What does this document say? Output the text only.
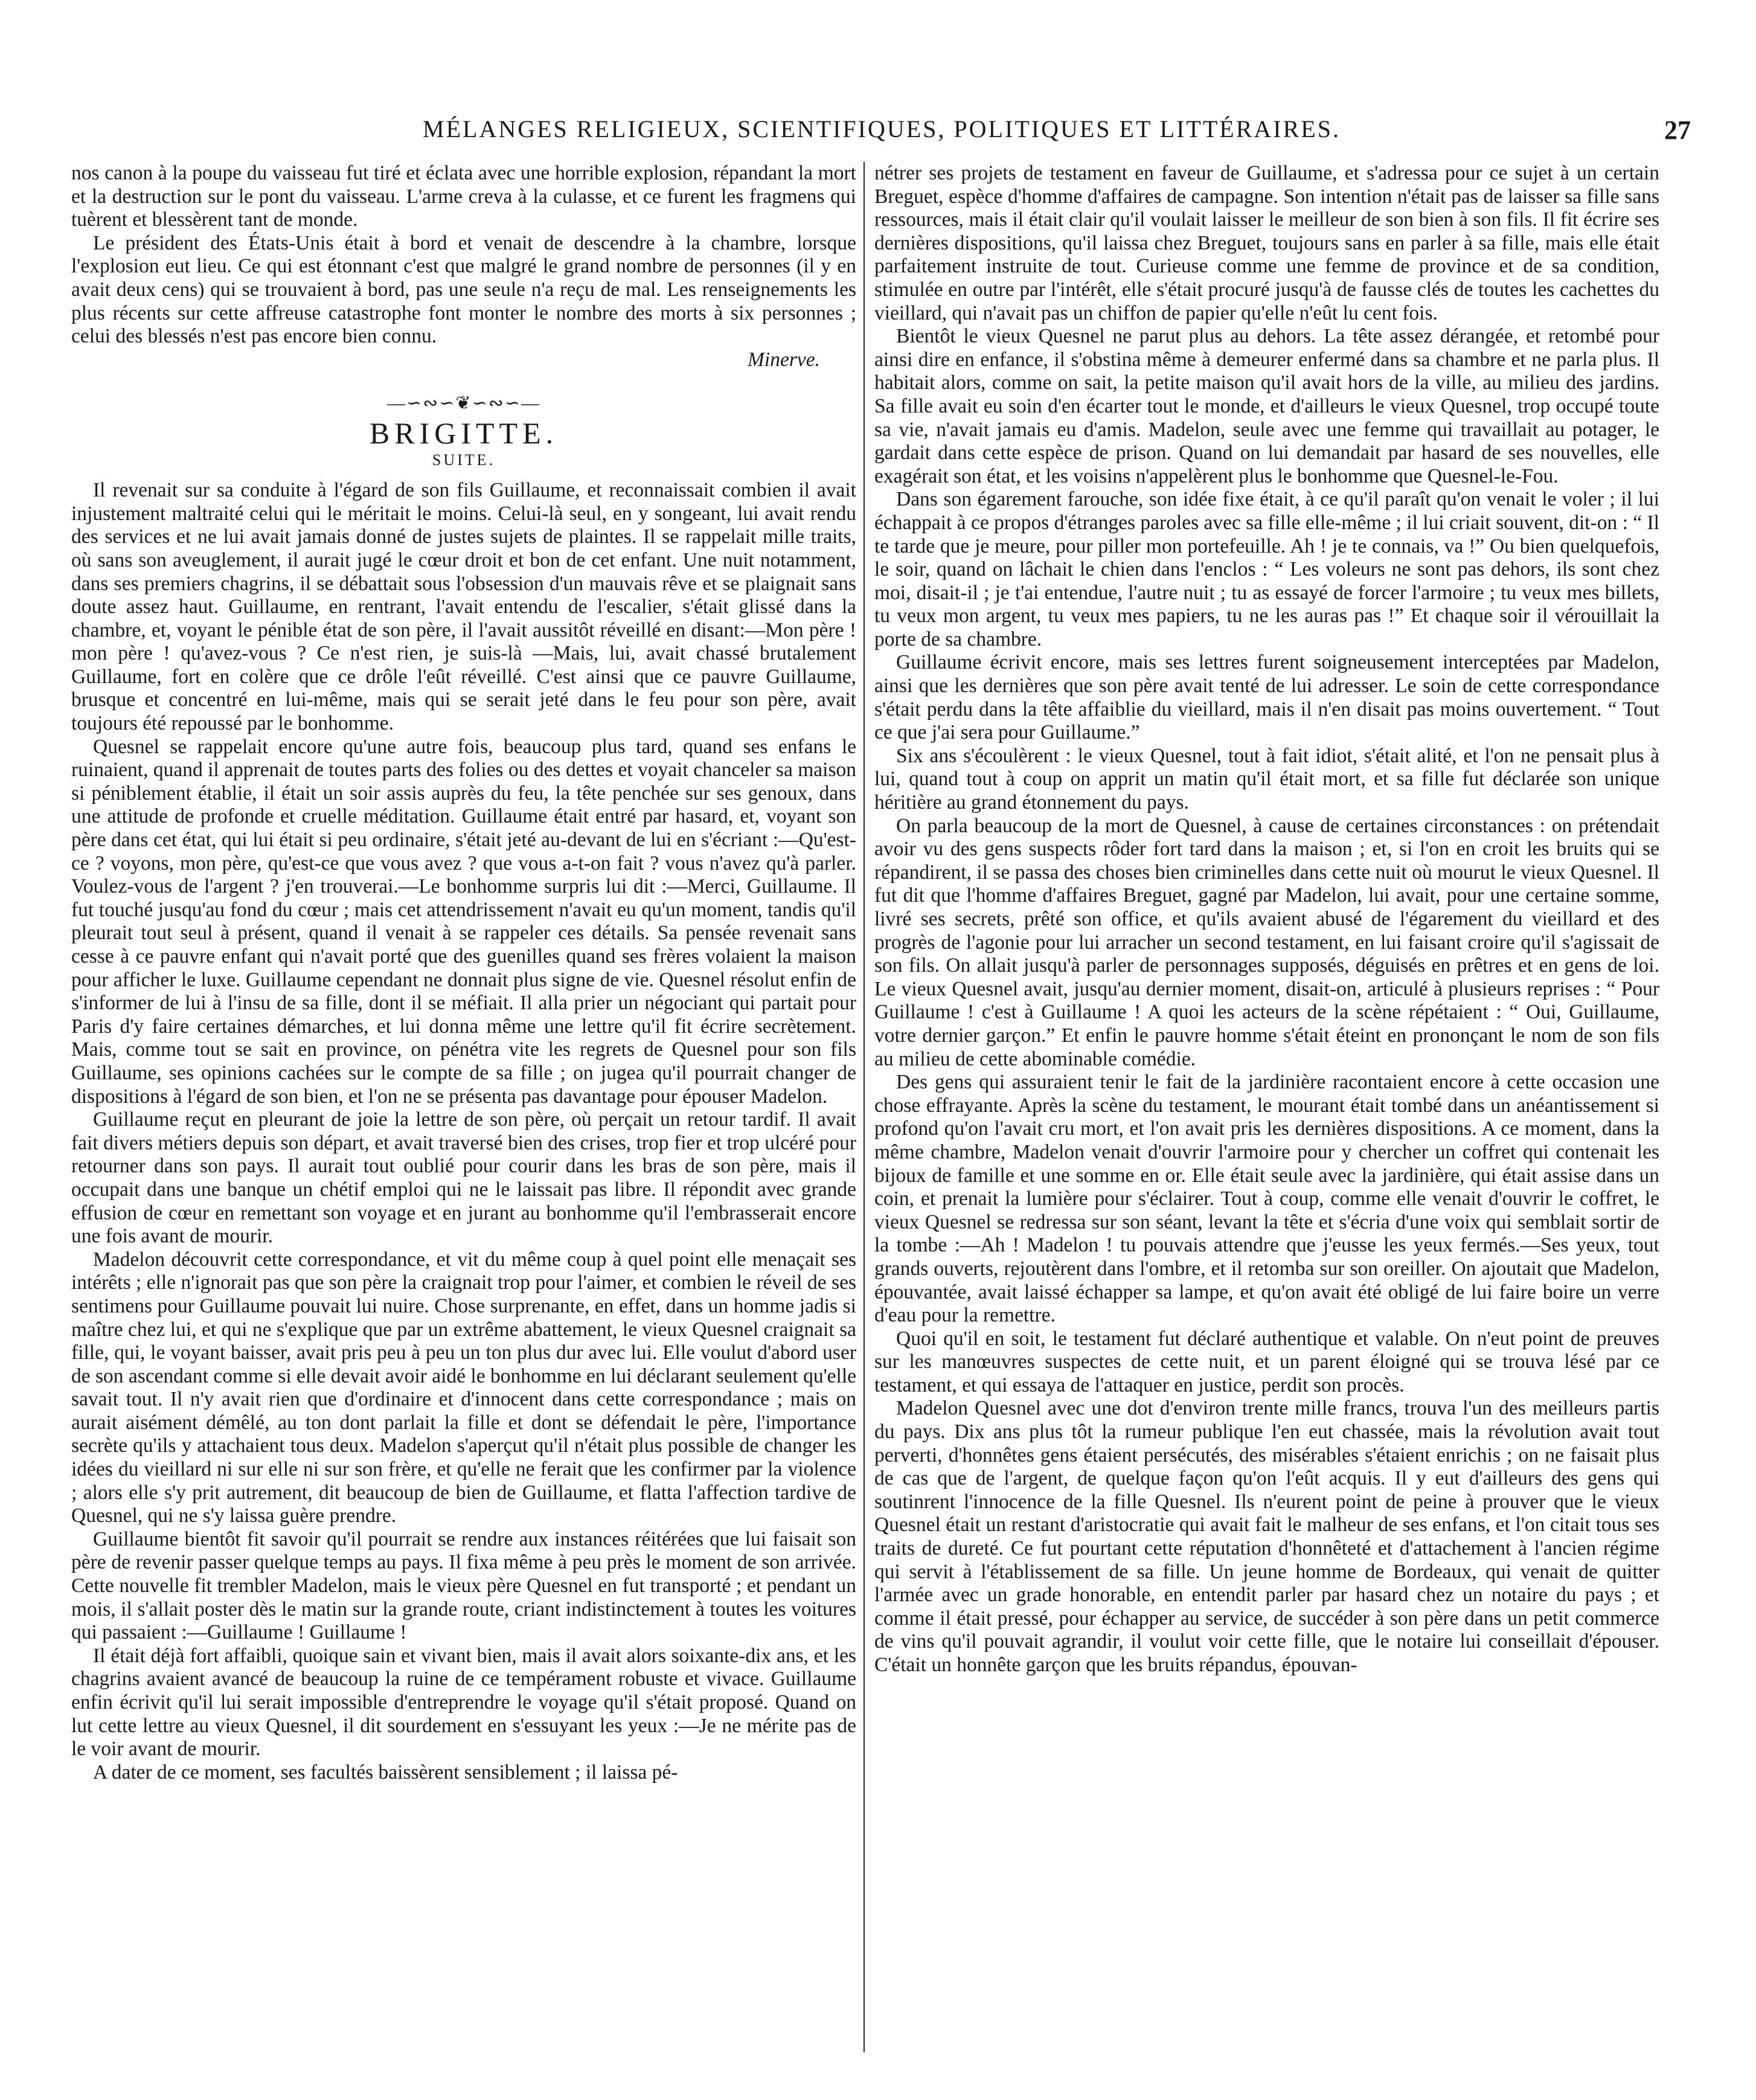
MÉLANGES RELIGIEUX, SCIENTIFIQUES, POLITIQUES ET LITTÉRAIRES.	27

nos canon à la poupe du vaisseau fut tiré et éclata avec une horrible explosion, répandant la mort et la destruction sur le pont du vaisseau. L'arme creva à la culasse, et ce furent les fragmens qui tuèrent et blessèrent tant de monde.

Le président des États-Unis était à bord et venait de descendre à la chambre, lorsque l'explosion eut lieu. Ce qui est étonnant c'est que malgré le grand nombre de personnes (il y en avait deux cens) qui se trouvaient à bord, pas une seule n'a reçu de mal. Les renseignements les plus récents sur cette affreuse catastrophe font monter le nombre des morts à six personnes ; celui des blessés n'est pas encore bien connu.

Minerve.
—∽∾∽❦∽∾∽—
BRIGITTE.
SUITE.

Il revenait sur sa conduite à l'égard de son fils Guillaume, et reconnaissait combien il avait injustement maltraité celui qui le méritait le moins. Celui-là seul, en y songeant, lui avait rendu des services et ne lui avait jamais donné de justes sujets de plaintes. Il se rappelait mille traits, où sans son aveuglement, il aurait jugé le cœur droit et bon de cet enfant. Une nuit notamment, dans ses premiers chagrins, il se débattait sous l'obsession d'un mauvais rêve et se plaignait sans doute assez haut. Guillaume, en rentrant, l'avait entendu de l'escalier, s'était glissé dans la chambre, et, voyant le pénible état de son père, il l'avait aussitôt réveillé en disant:—Mon père ! mon père ! qu'avez-vous ? Ce n'est rien, je suis-là —Mais, lui, avait chassé brutalement Guillaume, fort en colère que ce drôle l'eût réveillé. C'est ainsi que ce pauvre Guillaume, brusque et concentré en lui-même, mais qui se serait jeté dans le feu pour son père, avait toujours été repoussé par le bonhomme.

Quesnel se rappelait encore qu'une autre fois, beaucoup plus tard, quand ses enfans le ruinaient, quand il apprenait de toutes parts des folies ou des dettes et voyait chanceler sa maison si péniblement établie, il était un soir assis auprès du feu, la tête penchée sur ses genoux, dans une attitude de profonde et cruelle méditation. Guillaume était entré par hasard, et, voyant son père dans cet état, qui lui était si peu ordinaire, s'était jeté au-devant de lui en s'écriant :—Qu'est-ce ? voyons, mon père, qu'est-ce que vous avez ? que vous a-t-on fait ? vous n'avez qu'à parler. Voulez-vous de l'argent ? j'en trouverai.—Le bonhomme surpris lui dit :—Merci, Guillaume. Il fut touché jusqu'au fond du cœur ; mais cet attendrissement n'avait eu qu'un moment, tandis qu'il pleurait tout seul à présent, quand il venait à se rappeler ces détails. Sa pensée revenait sans cesse à ce pauvre enfant qui n'avait porté que des guenilles quand ses frères volaient la maison pour afficher le luxe. Guillaume cependant ne donnait plus signe de vie. Quesnel résolut enfin de s'informer de lui à l'insu de sa fille, dont il se méfiait. Il alla prier un négociant qui partait pour Paris d'y faire certaines démarches, et lui donna même une lettre qu'il fit écrire secrètement. Mais, comme tout se sait en province, on pénétra vite les regrets de Quesnel pour son fils Guillaume, ses opinions cachées sur le compte de sa fille ; on jugea qu'il pourrait changer de dispositions à l'égard de son bien, et l'on ne se présenta pas davantage pour épouser Madelon.

Guillaume reçut en pleurant de joie la lettre de son père, où perçait un retour tardif. Il avait fait divers métiers depuis son départ, et avait traversé bien des crises, trop fier et trop ulcéré pour retourner dans son pays. Il aurait tout oublié pour courir dans les bras de son père, mais il occupait dans une banque un chétif emploi qui ne le laissait pas libre. Il répondit avec grande effusion de cœur en remettant son voyage et en jurant au bonhomme qu'il l'embrasserait encore une fois avant de mourir.

Madelon découvrit cette correspondance, et vit du même coup à quel point elle menaçait ses intérêts ; elle n'ignorait pas que son père la craignait trop pour l'aimer, et combien le réveil de ses sentimens pour Guillaume pouvait lui nuire. Chose surprenante, en effet, dans un homme jadis si maître chez lui, et qui ne s'explique que par un extrême abattement, le vieux Quesnel craignait sa fille, qui, le voyant baisser, avait pris peu à peu un ton plus dur avec lui. Elle voulut d'abord user de son ascendant comme si elle devait avoir aidé le bonhomme en lui déclarant seulement qu'elle savait tout. Il n'y avait rien que d'ordinaire et d'innocent dans cette correspondance ; mais on aurait aisément démêlé, au ton dont parlait la fille et dont se défendait le père, l'importance secrète qu'ils y attachaient tous deux. Madelon s'aperçut qu'il n'était plus possible de changer les idées du vieillard ni sur elle ni sur son frère, et qu'elle ne ferait que les confirmer par la violence ; alors elle s'y prit autrement, dit beaucoup de bien de Guillaume, et flatta l'affection tardive de Quesnel, qui ne s'y laissa guère prendre.

Guillaume bientôt fit savoir qu'il pourrait se rendre aux instances réitérées que lui faisait son père de revenir passer quelque temps au pays. Il fixa même à peu près le moment de son arrivée. Cette nouvelle fit trembler Madelon, mais le vieux père Quesnel en fut transporté ; et pendant un mois, il s'allait poster dès le matin sur la grande route, criant indistinctement à toutes les voitures qui passaient :—Guillaume ! Guillaume !

Il était déjà fort affaibli, quoique sain et vivant bien, mais il avait alors soixante-dix ans, et les chagrins avaient avancé de beaucoup la ruine de ce tempérament robuste et vivace. Guillaume enfin écrivit qu'il lui serait impossible d'entreprendre le voyage qu'il s'était proposé. Quand on lut cette lettre au vieux Quesnel, il dit sourdement en s'essuyant les yeux :—Je ne mérite pas de le voir avant de mourir.

A dater de ce moment, ses facultés baissèrent sensiblement ; il laissa pé-

nétrer ses projets de testament en faveur de Guillaume, et s'adressa pour ce sujet à un certain Breguet, espèce d'homme d'affaires de campagne. Son intention n'était pas de laisser sa fille sans ressources, mais il était clair qu'il voulait laisser le meilleur de son bien à son fils. Il fit écrire ses dernières dispositions, qu'il laissa chez Breguet, toujours sans en parler à sa fille, mais elle était parfaitement instruite de tout. Curieuse comme une femme de province et de sa condition, stimulée en outre par l'intérêt, elle s'était procuré jusqu'à de fausse clés de toutes les cachettes du vieillard, qui n'avait pas un chiffon de papier qu'elle n'eût lu cent fois.

Bientôt le vieux Quesnel ne parut plus au dehors. La tête assez dérangée, et retombé pour ainsi dire en enfance, il s'obstina même à demeurer enfermé dans sa chambre et ne parla plus. Il habitait alors, comme on sait, la petite maison qu'il avait hors de la ville, au milieu des jardins. Sa fille avait eu soin d'en écarter tout le monde, et d'ailleurs le vieux Quesnel, trop occupé toute sa vie, n'avait jamais eu d'amis. Madelon, seule avec une femme qui travaillait au potager, le gardait dans cette espèce de prison. Quand on lui demandait par hasard de ses nouvelles, elle exagérait son état, et les voisins n'appelèrent plus le bonhomme que Quesnel-le-Fou.

Dans son égarement farouche, son idée fixe était, à ce qu'il paraît qu'on venait le voler ; il lui échappait à ce propos d'étranges paroles avec sa fille elle-même ; il lui criait souvent, dit-on : “ Il te tarde que je meure, pour piller mon portefeuille. Ah ! je te connais, va !” Ou bien quelquefois, le soir, quand on lâchait le chien dans l'enclos : “ Les voleurs ne sont pas dehors, ils sont chez moi, disait-il ; je t'ai entendue, l'autre nuit ; tu as essayé de forcer l'armoire ; tu veux mes billets, tu veux mon argent, tu veux mes papiers, tu ne les auras pas !” Et chaque soir il vérouillait la porte de sa chambre.

Guillaume écrivit encore, mais ses lettres furent soigneusement interceptées par Madelon, ainsi que les dernières que son père avait tenté de lui adresser. Le soin de cette correspondance s'était perdu dans la tête affaiblie du vieillard, mais il n'en disait pas moins ouvertement. “ Tout ce que j'ai sera pour Guillaume.”

Six ans s'écoulèrent : le vieux Quesnel, tout à fait idiot, s'était alité, et l'on ne pensait plus à lui, quand tout à coup on apprit un matin qu'il était mort, et sa fille fut déclarée son unique héritière au grand étonnement du pays.

On parla beaucoup de la mort de Quesnel, à cause de certaines circonstances : on prétendait avoir vu des gens suspects rôder fort tard dans la maison ; et, si l'on en croit les bruits qui se répandirent, il se passa des choses bien criminelles dans cette nuit où mourut le vieux Quesnel. Il fut dit que l'homme d'affaires Breguet, gagné par Madelon, lui avait, pour une certaine somme, livré ses secrets, prêté son office, et qu'ils avaient abusé de l'égarement du vieillard et des progrès de l'agonie pour lui arracher un second testament, en lui faisant croire qu'il s'agissait de son fils. On allait jusqu'à parler de personnages supposés, déguisés en prêtres et en gens de loi. Le vieux Quesnel avait, jusqu'au dernier moment, disait-on, articulé à plusieurs reprises : “ Pour Guillaume ! c'est à Guillaume ! A quoi les acteurs de la scène répétaient : “ Oui, Guillaume, votre dernier garçon.” Et enfin le pauvre homme s'était éteint en prononçant le nom de son fils au milieu de cette abominable comédie.

Des gens qui assuraient tenir le fait de la jardinière racontaient encore à cette occasion une chose effrayante. Après la scène du testament, le mourant était tombé dans un anéantissement si profond qu'on l'avait cru mort, et l'on avait pris les dernières dispositions. A ce moment, dans la même chambre, Madelon venait d'ouvrir l'armoire pour y chercher un coffret qui contenait les bijoux de famille et une somme en or. Elle était seule avec la jardinière, qui était assise dans un coin, et prenait la lumière pour s'éclairer. Tout à coup, comme elle venait d'ouvrir le coffret, le vieux Quesnel se redressa sur son séant, levant la tête et s'écria d'une voix qui semblait sortir de la tombe :—Ah ! Madelon ! tu pouvais attendre que j'eusse les yeux fermés.—Ses yeux, tout grands ouverts, rejoutèrent dans l'ombre, et il retomba sur son oreiller. On ajoutait que Madelon, épouvantée, avait laissé échapper sa lampe, et qu'on avait été obligé de lui faire boire un verre d'eau pour la remettre.

Quoi qu'il en soit, le testament fut déclaré authentique et valable. On n'eut point de preuves sur les manœuvres suspectes de cette nuit, et un parent éloigné qui se trouva lésé par ce testament, et qui essaya de l'attaquer en justice, perdit son procès.

Madelon Quesnel avec une dot d'environ trente mille francs, trouva l'un des meilleurs partis du pays. Dix ans plus tôt la rumeur publique l'en eut chassée, mais la révolution avait tout perverti, d'honnêtes gens étaient persécutés, des misérables s'étaient enrichis ; on ne faisait plus de cas que de l'argent, de quelque façon qu'on l'eût acquis. Il y eut d'ailleurs des gens qui soutinrent l'innocence de la fille Quesnel. Ils n'eurent point de peine à prouver que le vieux Quesnel était un restant d'aristocratie qui avait fait le malheur de ses enfans, et l'on citait tous ses traits de dureté. Ce fut pourtant cette réputation d'honnêteté et d'attachement à l'ancien régime qui servit à l'établissement de sa fille. Un jeune homme de Bordeaux, qui venait de quitter l'armée avec un grade honorable, en entendit parler par hasard chez un notaire du pays ; et comme il était pressé, pour échapper au service, de succéder à son père dans un petit commerce de vins qu'il pouvait agrandir, il voulut voir cette fille, que le notaire lui conseillait d'épouser. C'était un honnête garçon que les bruits répandus, épouvan-
